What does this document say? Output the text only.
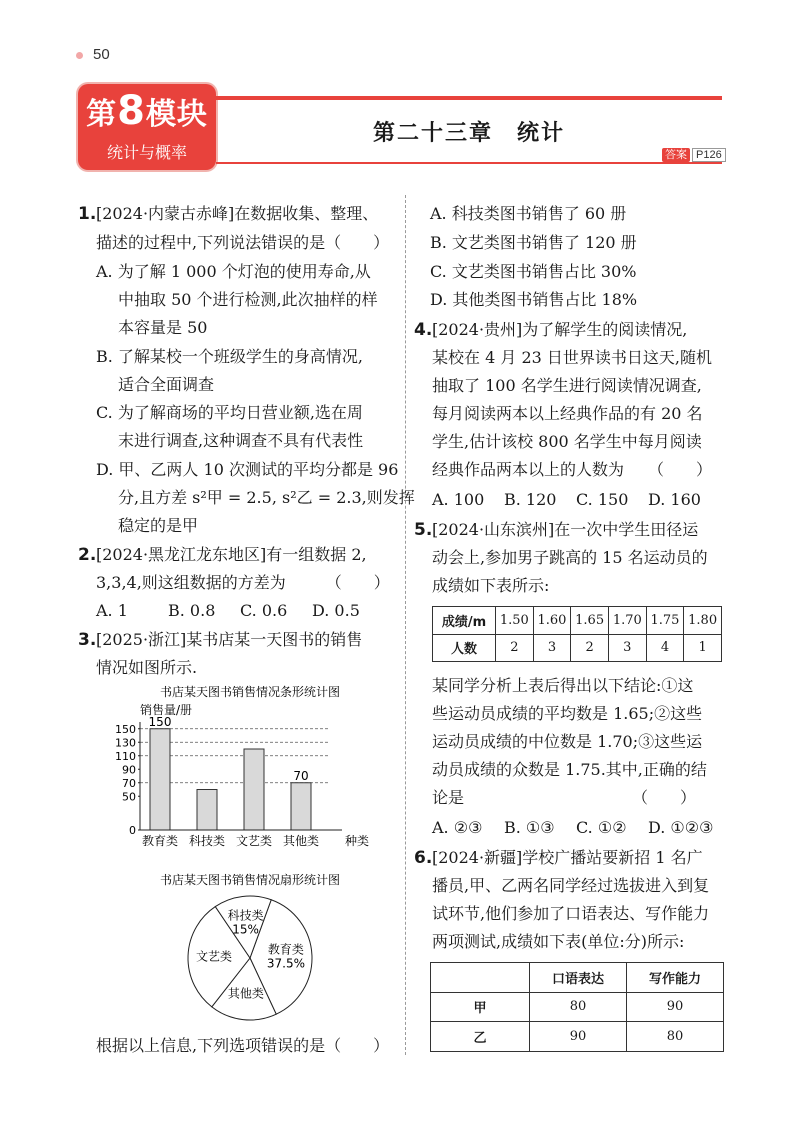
50
第8模块
统计与概率
第二十三章　统计
答案 P126
1. [2024·内蒙古赤峰]在数据收集、整理、
描述的过程中,下列说法错误的是（　　）
A. 为了解 1 000 个灯泡的使用寿命,从
中抽取 50 个进行检测,此次抽样的样
本容量是 50
B. 了解某校一个班级学生的身高情况,
适合全面调查
C. 为了解商场的平均日营业额,选在周
末进行调查,这种调查不具有代表性
D. 甲、乙两人 10 次测试的平均分都是 96
分,且方差 s²甲 = 2.5, s²乙 = 2.3,则发挥
稳定的是甲
2. [2024·黑龙江龙东地区]有一组数据 2,
3,3,4,则这组数据的方差为　　　（　　）
A. 1	B. 0.8 C. 0.6 D. 0.5
3. [2025·浙江]某书店某一天图书的销售
情况如图所示.
书店某天图书销售情况条形统计图
销售量/册
0
50
70
90
110
130
150
150
70
教育类 科技类 文艺类 其他类 种类
书店某天图书销售情况扇形统计图
教育类
37.5%
其他类
文艺类
科技类
15%
根据以上信息,下列选项错误的是（　　）
A. 科技类图书销售了 60 册
B. 文艺类图书销售了 120 册
C. 文艺类图书销售占比 30%
D. 其他类图书销售占比 18%
4. [2024·贵州]为了解学生的阅读情况,
某校在 4 月 23 日世界读书日这天,随机
抽取了 100 名学生进行阅读情况调查,
每月阅读两本以上经典作品的有 20 名
学生,估计该校 800 名学生中每月阅读
经典作品两本以上的人数为　　（　　）
A. 100 B. 120 C. 150 D. 160
5. [2024·山东滨州]在一次中学生田径运
动会上,参加男子跳高的 15 名运动员的
成绩如下表所示:
成绩/m	1.50	1.60	1.65	1.70	1.75	1.80
人数	2	3	2	3	4	1
某同学分析上表后得出以下结论:①这
些运动员成绩的平均数是 1.65;②这些
运动员成绩的中位数是 1.70;③这些运
动员成绩的众数是 1.75.其中,正确的结
论是　　　　　　　　　　　（　　）
A. ②③ B. ①③ C. ①② D. ①②③
6. [2024·新疆]学校广播站要新招 1 名广
播员,甲、乙两名同学经过选拔进入到复
试环节,他们参加了口语表达、写作能力
两项测试,成绩如下表(单位:分)所示:
	口语表达	写作能力
甲	80	90
乙	90	80
